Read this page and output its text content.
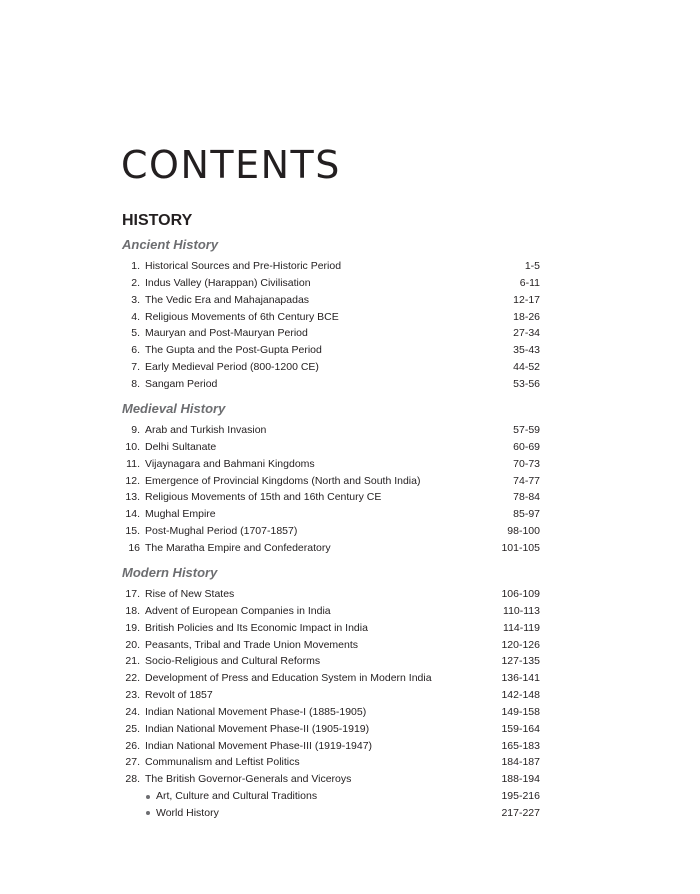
CONTENTS
HISTORY
Ancient History
1. Historical Sources and Pre-Historic Period	1-5
2. Indus Valley (Harappan) Civilisation	6-11
3. The Vedic Era and Mahajanapadas	12-17
4. Religious Movements of 6th Century BCE	18-26
5. Mauryan and Post-Mauryan Period	27-34
6. The Gupta and the Post-Gupta Period	35-43
7. Early Medieval Period (800-1200 CE)	44-52
8. Sangam Period	53-56
Medieval History
9. Arab and Turkish Invasion	57-59
10. Delhi Sultanate	60-69
11. Vijaynagara and Bahmani Kingdoms	70-73
12. Emergence of Provincial Kingdoms (North and South India)	74-77
13. Religious Movements of 15th and 16th Century CE	78-84
14. Mughal Empire	85-97
15. Post-Mughal Period (1707-1857)	98-100
16 The Maratha Empire and Confederatory	101-105
Modern History
17. Rise of New States	106-109
18. Advent of European Companies in India	110-113
19. British Policies and Its Economic Impact in India	114-119
20. Peasants, Tribal and Trade Union Movements	120-126
21. Socio-Religious and Cultural Reforms	127-135
22. Development of Press and Education System in Modern India	136-141
23. Revolt of 1857	142-148
24. Indian National Movement Phase-I (1885-1905)	149-158
25. Indian National Movement Phase-II (1905-1919)	159-164
26. Indian National Movement Phase-III (1919-1947)	165-183
27. Communalism and Leftist Politics	184-187
28. The British Governor-Generals and Viceroys	188-194
Art, Culture and Cultural Traditions	195-216
World History	217-227
